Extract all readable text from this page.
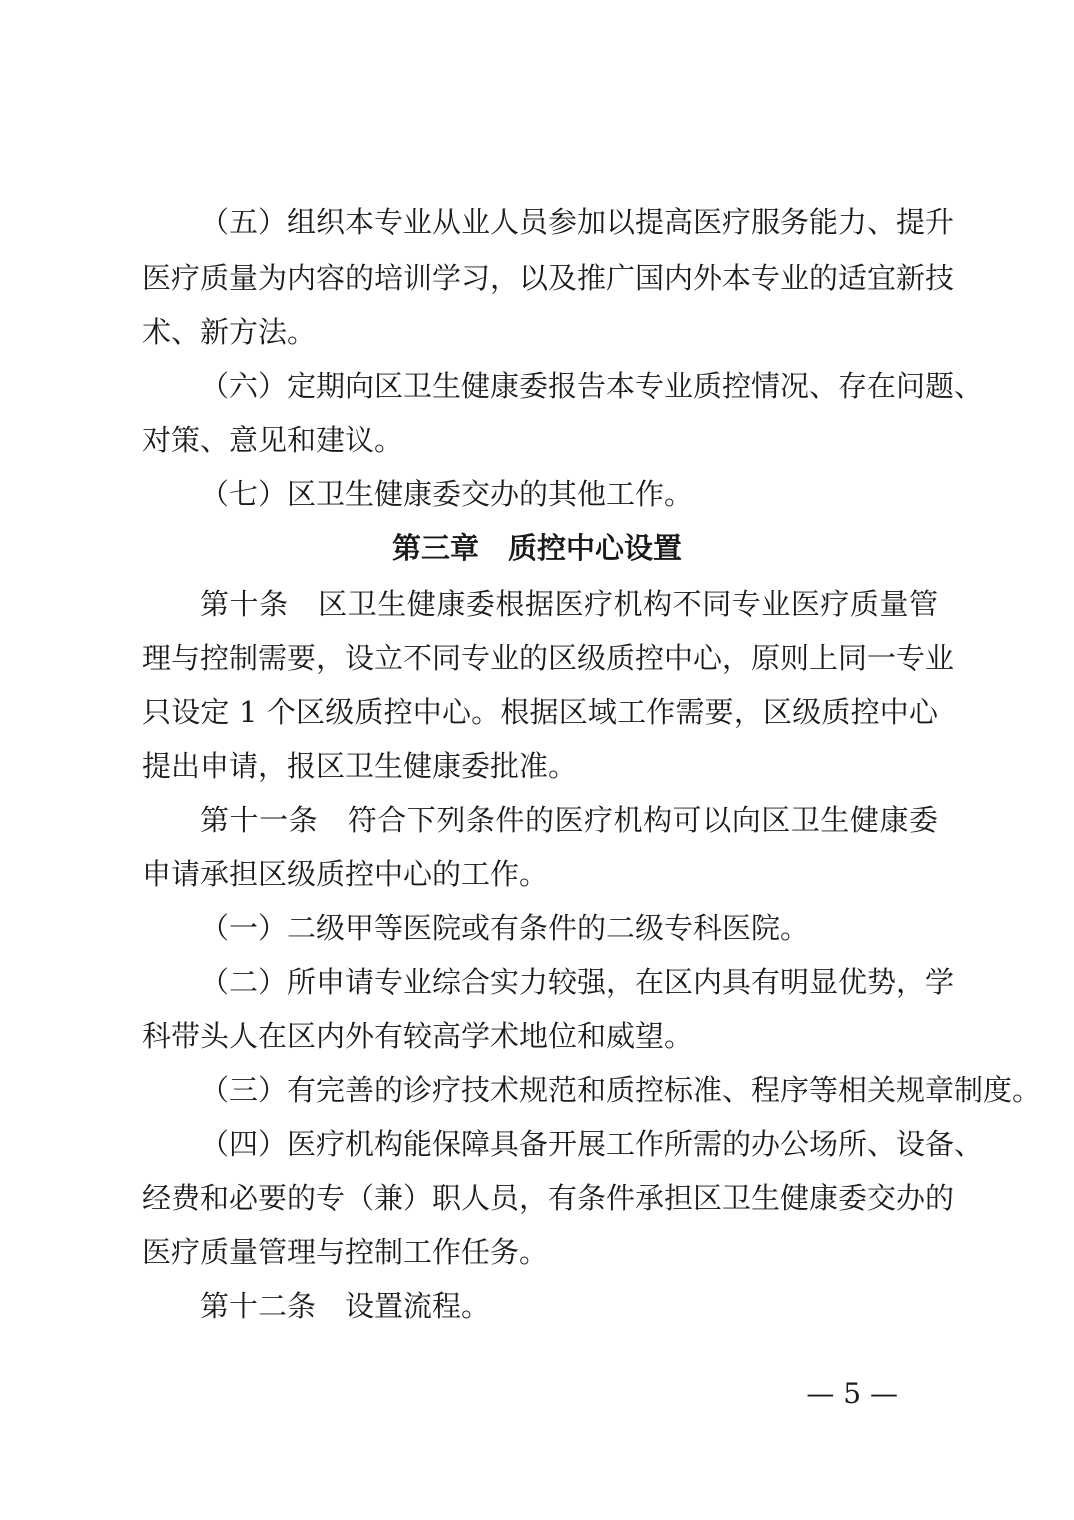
（五）组织本专业从业人员参加以提高医疗服务能力、提升
医疗质量为内容的培训学习，以及推广国内外本专业的适宜新技
术、新方法。
（六）定期向区卫生健康委报告本专业质控情况、存在问题、
对策、意见和建议。
（七）区卫生健康委交办的其他工作。
第三章　质控中心设置
第十条　区卫生健康委根据医疗机构不同专业医疗质量管
理与控制需要，设立不同专业的区级质控中心，原则上同一专业
只设定 1 个区级质控中心。根据区域工作需要，区级质控中心
提出申请，报区卫生健康委批准。
第十一条　符合下列条件的医疗机构可以向区卫生健康委
申请承担区级质控中心的工作。
（一）二级甲等医院或有条件的二级专科医院。
（二）所申请专业综合实力较强，在区内具有明显优势，学
科带头人在区内外有较高学术地位和威望。
（三）有完善的诊疗技术规范和质控标准、程序等相关规章制度。
（四）医疗机构能保障具备开展工作所需的办公场所、设备、
经费和必要的专（兼）职人员，有条件承担区卫生健康委交办的
医疗质量管理与控制工作任务。
第十二条　设置流程。
— 5 —
